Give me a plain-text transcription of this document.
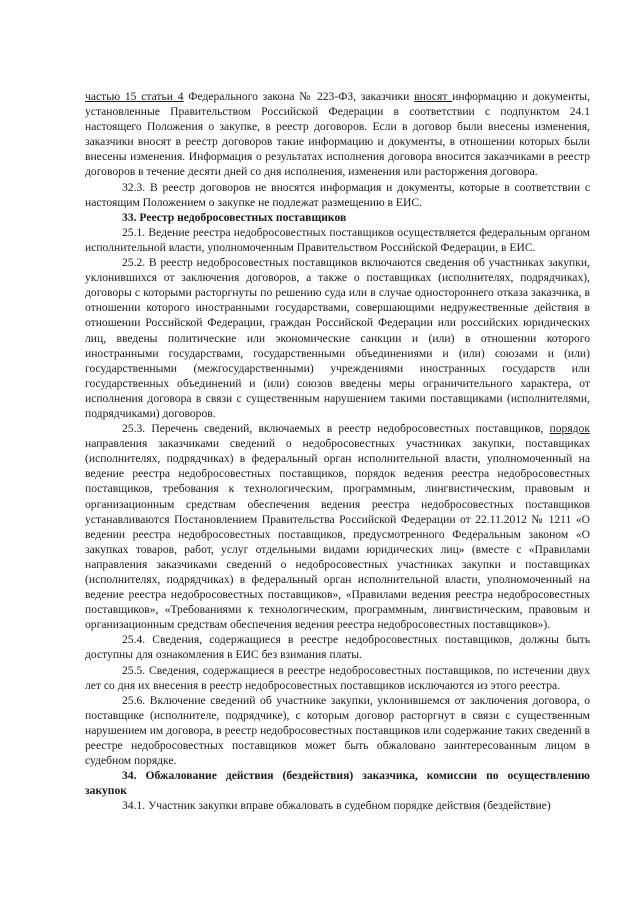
частью 15 статьи 4 Федерального закона № 223-ФЗ, заказчики вносят информацию и документы, установленные Правительством Российской Федерации в соответствии с подпунктом 24.1 настоящего Положения о закупке, в реестр договоров. Если в договор были внесены изменения, заказчики вносят в реестр договоров такие информацию и документы, в отношении которых были внесены изменения. Информация о результатах исполнения договора вносится заказчиками в реестр договоров в течение десяти дней со дня исполнения, изменения или расторжения договора.

32.3. В реестр договоров не вносятся информация и документы, которые в соответствии с настоящим Положением о закупке не подлежат размещению в ЕИС.

33. Реестр недобросовестных поставщиков

25.1. Ведение реестра недобросовестных поставщиков осуществляется федеральным органом исполнительной власти, уполномоченным Правительством Российской Федерации, в ЕИС.

25.2. В реестр недобросовестных поставщиков включаются сведения об участниках закупки, уклонившихся от заключения договоров, а также о поставщиках (исполнителях, подрядчиках), договоры с которыми расторгнуты по решению суда или в случае одностороннего отказа заказчика, в отношении которого иностранными государствами, совершающими недружественные действия в отношении Российской Федерации, граждан Российской Федерации или российских юридических лиц, введены политические или экономические санкции и (или) в отношении которого иностранными государствами, государственными объединениями и (или) союзами и (или) государственными (межгосударственными) учреждениями иностранных государств или государственных объединений и (или) союзов введены меры ограничительного характера, от исполнения договора в связи с существенным нарушением такими поставщиками (исполнителями, подрядчиками) договоров.

25.3. Перечень сведений, включаемых в реестр недобросовестных поставщиков, порядок направления заказчиками сведений о недобросовестных участниках закупки, поставщиках (исполнителях, подрядчиках) в федеральный орган исполнительной власти, уполномоченный на ведение реестра недобросовестных поставщиков, порядок ведения реестра недобросовестных поставщиков, требования к технологическим, программным, лингвистическим, правовым и организационным средствам обеспечения ведения реестра недобросовестных поставщиков устанавливаются Постановлением Правительства Российской Федерации от 22.11.2012 № 1211 «О ведении реестра недобросовестных поставщиков, предусмотренного Федеральным законом «О закупках товаров, работ, услуг отдельными видами юридических лиц» (вместе с «Правилами направления заказчиками сведений о недобросовестных участниках закупки и поставщиках (исполнителях, подрядчиках) в федеральный орган исполнительной власти, уполномоченный на ведение реестра недобросовестных поставщиков», «Правилами ведения реестра недобросовестных поставщиков», «Требованиями к технологическим, программным, лингвистическим, правовым и организационным средствам обеспечения ведения реестра недобросовестных поставщиков»).

25.4. Сведения, содержащиеся в реестре недобросовестных поставщиков, должны быть доступны для ознакомления в ЕИС без взимания платы.

25.5. Сведения, содержащиеся в реестре недобросовестных поставщиков, по истечении двух лет со дня их внесения в реестр недобросовестных поставщиков исключаются из этого реестра.

25.6. Включение сведений об участнике закупки, уклонившемся от заключения договора, о поставщике (исполнителе, подрядчике), с которым договор расторгнут в связи с существенным нарушением им договора, в реестр недобросовестных поставщиков или содержание таких сведений в реестре недобросовестных поставщиков может быть обжаловано заинтересованным лицом в судебном порядке.

34. Обжалование действия (бездействия) заказчика, комиссии по осуществлению закупок

34.1. Участник закупки вправе обжаловать в судебном порядке действия (бездействие)
